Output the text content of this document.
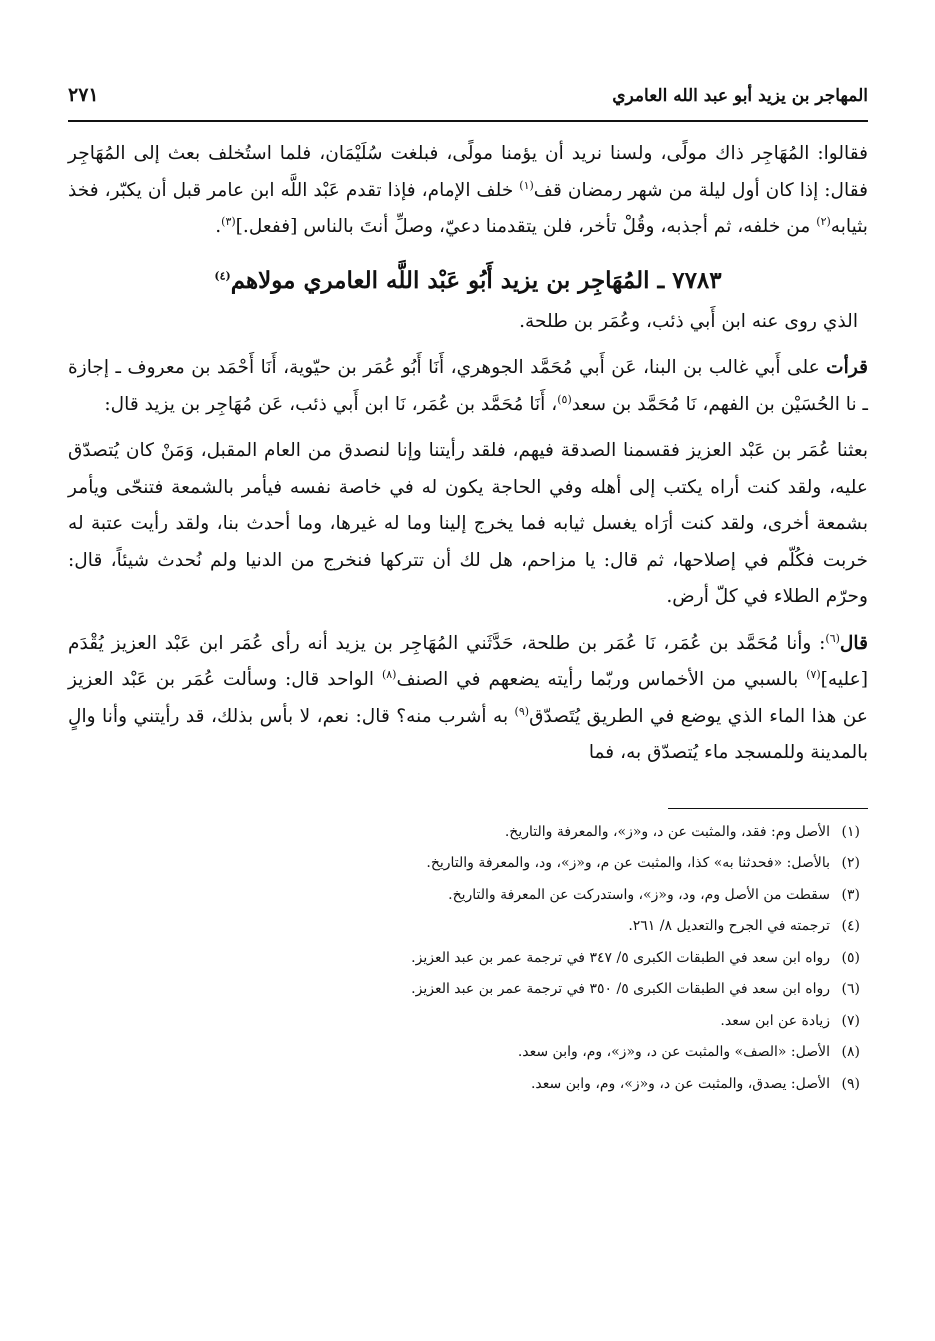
المهاجر بن يزيد أبو عبد الله العامري
٢٧١

فقالوا: المُهَاجِر ذاك مولًى، ولسنا نريد أن يؤمنا مولًى، فبلغت سُلَيْمَان، فلما استُخلف بعث إلى المُهَاجِر فقال: إذا كان أول ليلة من شهر رمضان قف$^{(١)}$ خلف الإمام، فإذا تقدم عَبْد اللَّه ابن عامر قبل أن يكبّر، فخذ بثيابه$^{(٢)}$ من خلفه، ثم أجذبه، وقُلْ تأخر، فلن يتقدمنا دعيّ، وصلِّ أنتَ بالناس [ففعل.]$^{(٣)}$.

٧٧٨٣ ـ المُهَاجِر بن يزيد أَبُو عَبْد اللَّه العامري مولاهم$^{(٤)}$

الذي روى عنه ابن أَبي ذئب، وعُمَر بن طلحة.

قرأت على أَبي غالب بن البنا، عَن أَبي مُحَمَّد الجوهري، أَنَا أَبُو عُمَر بن حيّوية، أَنَا أَحْمَد بن معروف ـ إجازة ـ نا الحُسَيْن بن الفهم، نَا مُحَمَّد بن سعد$^{(٥)}$، أَنَا مُحَمَّد بن عُمَر، نَا ابن أَبي ذئب، عَن مُهَاجِر بن يزيد قال:

بعثنا عُمَر بن عَبْد العزيز فقسمنا الصدقة فيهم، فلقد رأيتنا وإنا لنصدق من العام المقبل، وَمَنْ كان يُتصدّق عليه، ولقد كنت أراه يكتب إلى أهله وفي الحاجة يكون له في خاصة نفسه فيأمر بالشمعة فتنحّى ويأمر بشمعة أخرى، ولقد كنت أرَاه يغسل ثيابه فما يخرج إلينا وما له غيرها، وما أحدث بنا، ولقد رأيت عتبة له خربت فكُلّم في إصلاحها، ثم قال: يا مزاحم، هل لك أن تتركها فنخرج من الدنيا ولم نُحدث شيئاً، قال: وحرّم الطلاء في كلّ أرض.

قال$^{(٦)}$: وأنا مُحَمَّد بن عُمَر، نَا عُمَر بن طلحة، حَدَّثَني المُهَاجِر بن يزيد أنه رأى عُمَر ابن عَبْد العزيز يُقْدَم [عليه]$^{(٧)}$ بالسبي من الأخماس وربّما رأيته يضعهم في الصنف$^{(٨)}$ الواحد قال: وسألت عُمَر بن عَبْد العزيز عن هذا الماء الذي يوضع في الطريق يُتَصدّق$^{(٩)}$ به أشرب منه؟ قال: نعم، لا بأس بذلك، قد رأيتني وأنا والٍ بالمدينة وللمسجد ماء يُتصدّق به، فما

(١)الأصل وم: فقد، والمثبت عن د، و«ز»، والمعرفة والتاريخ.
(٢)بالأصل: «فحدثنا به» كذا، والمثبت عن م، و«ز»، ود، والمعرفة والتاريخ.
(٣)سقطت من الأصل وم، ود، و«ز»، واستدركت عن المعرفة والتاريخ.
(٤)ترجمته في الجرح والتعديل ٨/ ٢٦١.
(٥)رواه ابن سعد في الطبقات الكبرى ٥/ ٣٤٧ في ترجمة عمر بن عبد العزيز.
(٦)رواه ابن سعد في الطبقات الكبرى ٥/ ٣٥٠ في ترجمة عمر بن عبد العزيز.
(٧)زيادة عن ابن سعد.
(٨)الأصل: «الصف» والمثبت عن د، و«ز»، وم، وابن سعد.
(٩)الأصل: يصدق، والمثبت عن د، و«ز»، وم، وابن سعد.
